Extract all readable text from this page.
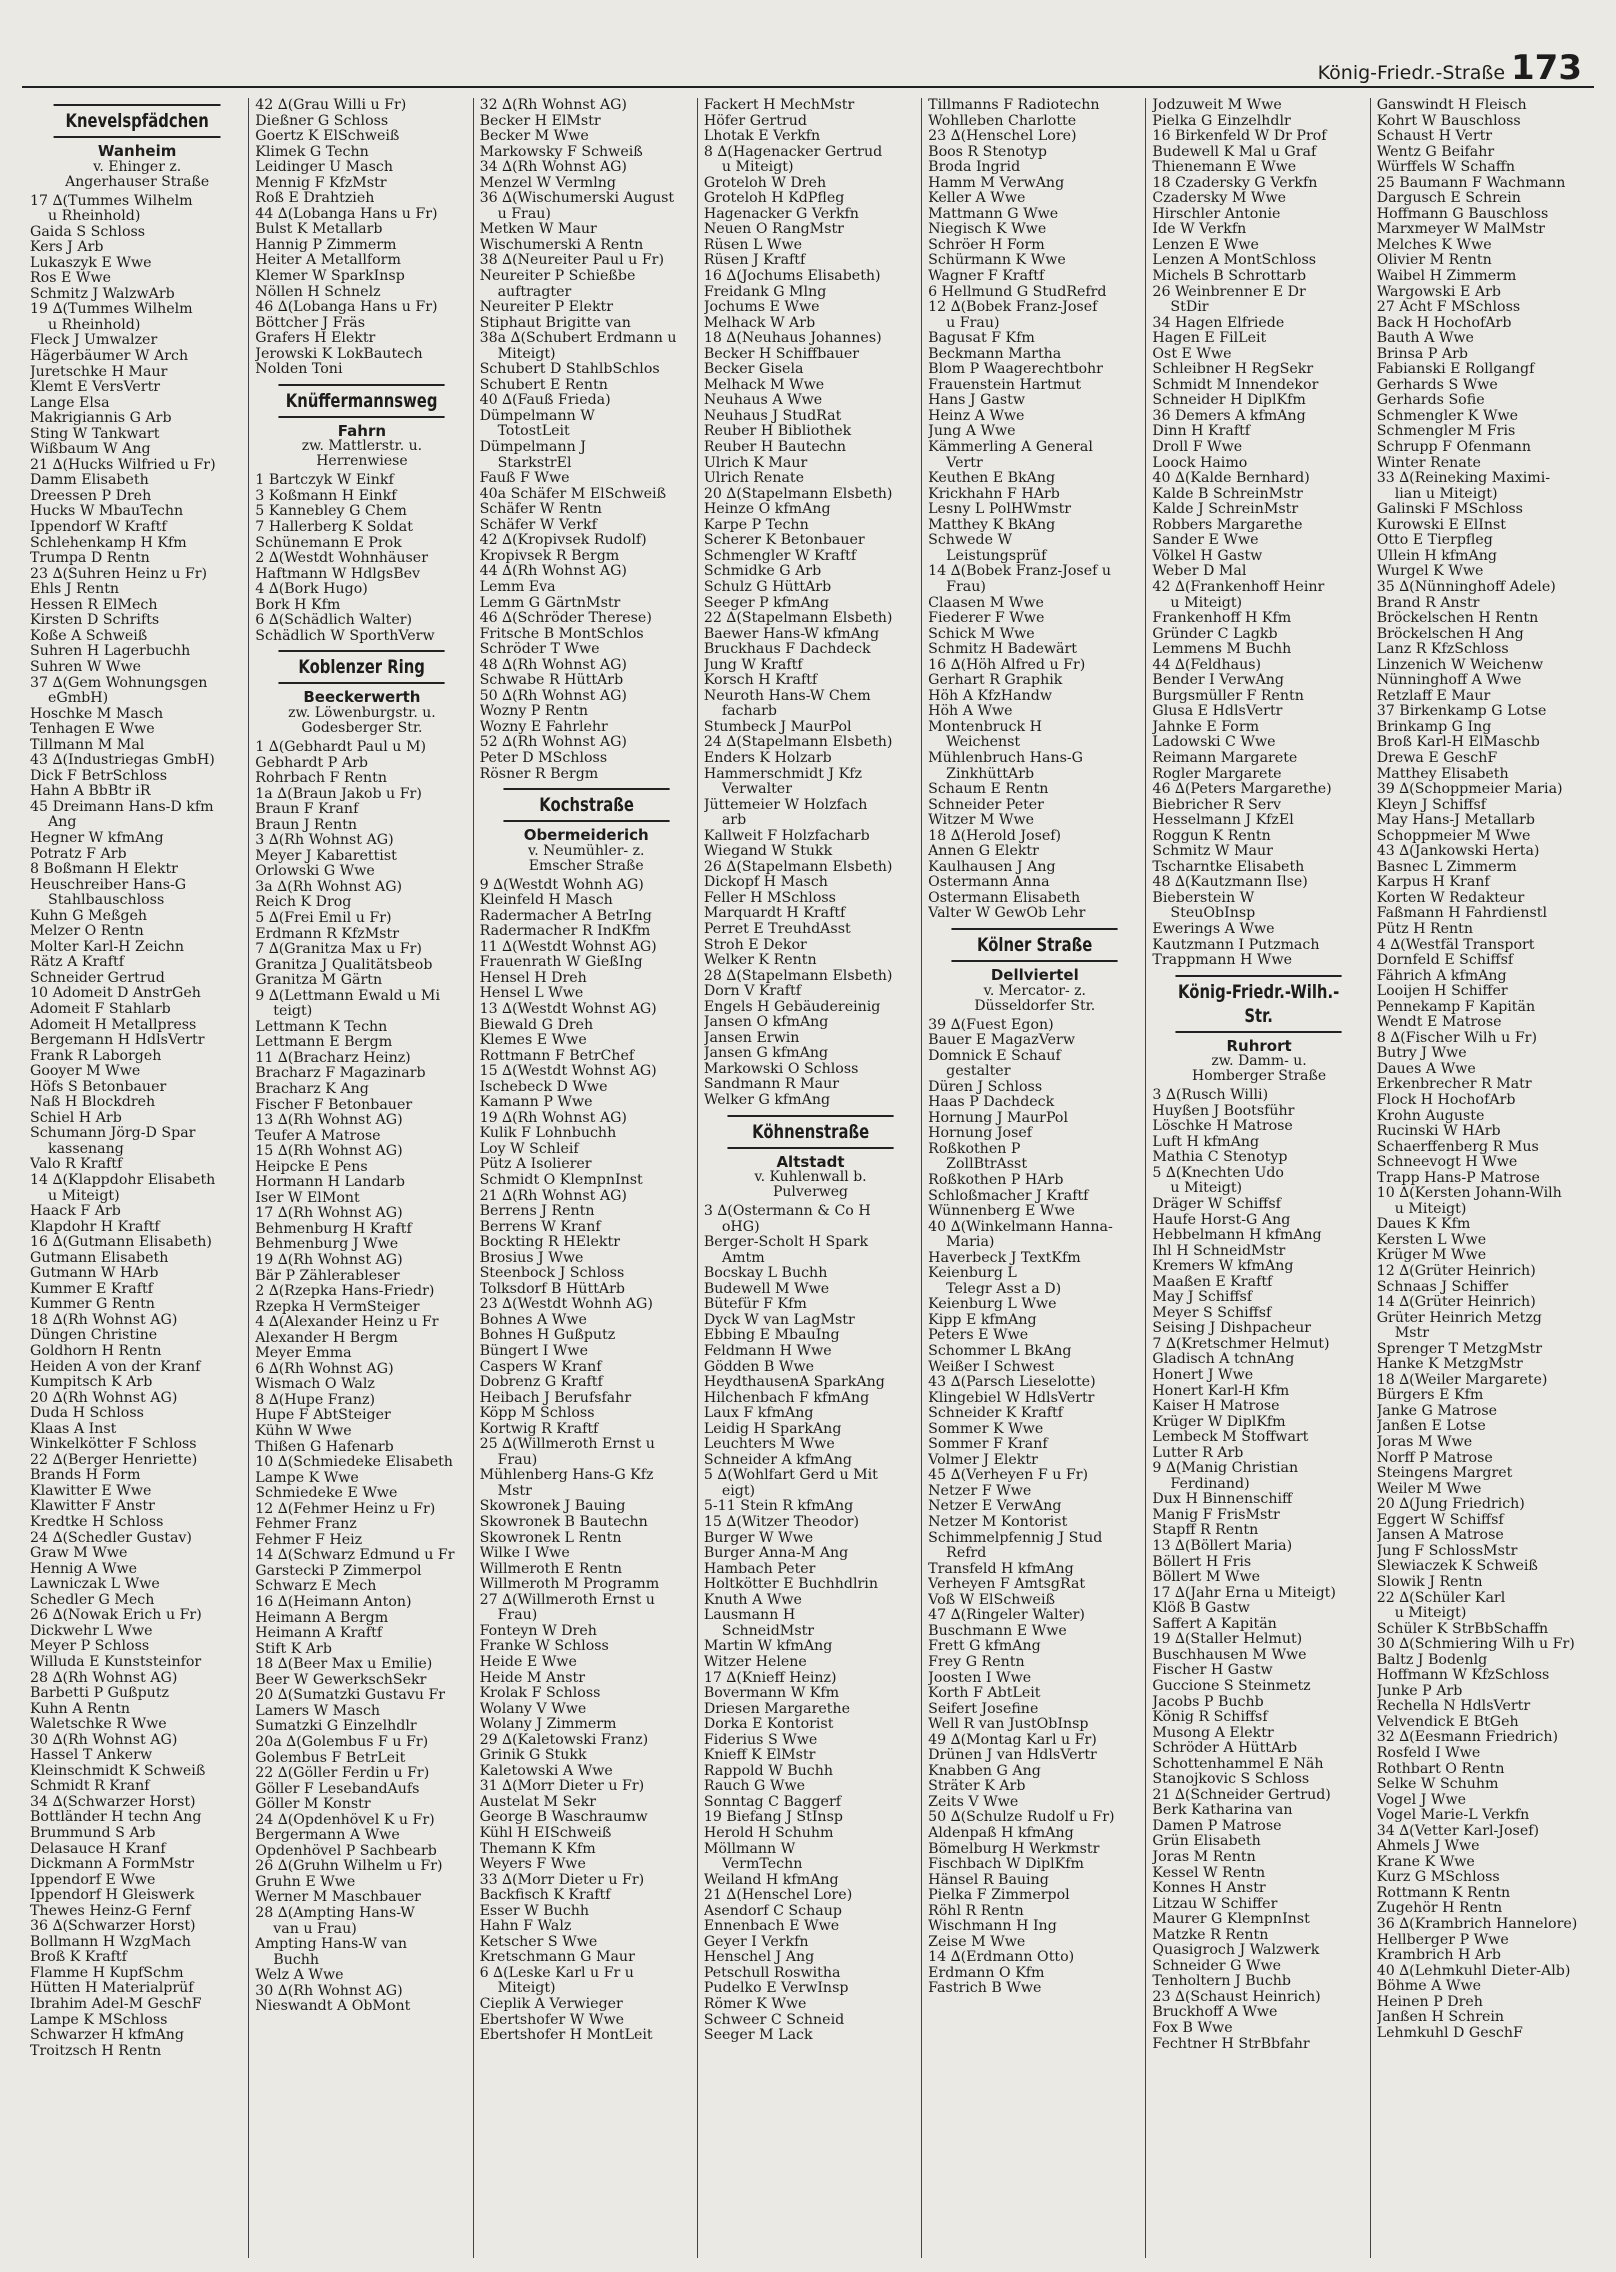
König-Friedr.-Straße 173
Knevelspfädchen
Wanheim
v. Ehinger z.
Angerhauser Straße
17 ∆(Tummes Wilhelm
u Rheinhold)
Gaida S Schloss
Kers J Arb
Lukaszyk E Wwe
Ros E Wwe
Schmitz J WalzwArb
19 ∆(Tummes Wilhelm
u Rheinhold)
Fleck J Umwalzer
Hägerbäumer W Arch
Juretschke H Maur
Klemt E VersVertr
Lange Elsa
Makrigiannis G Arb
Sting W Tankwart
Wißbaum W Ang
21 ∆(Hucks Wilfried u Fr)
Damm Elisabeth
Dreessen P Dreh
Hucks W MbauTechn
Ippendorf W Kraftf
Schlehenkamp H Kfm
Trumpa D Rentn
23 ∆(Suhren Heinz u Fr)
Ehls J Rentn
Hessen R ElMech
Kirsten D Schrifts
Koße A Schweiß
Suhren H Lagerbuchh
Suhren W Wwe
37 ∆(Gem Wohnungsgen
eGmbH)
Hoschke M Masch
Tenhagen E Wwe
Tillmann M Mal
43 ∆(Industriegas GmbH)
Dick F BetrSchloss
Hahn A BbBtr iR
45 Dreimann Hans-D kfm
Ang
Hegner W kfmAng
Potratz F Arb
8 Boßmann H Elektr
Heuschreiber Hans-G
Stahlbauschloss
Kuhn G Meßgeh
Melzer O Rentn
Molter Karl-H Zeichn
Rätz A Kraftf
Schneider Gertrud
10 Adomeit D AnstrGeh
Adomeit F Stahlarb
Adomeit H Metallpress
Bergemann H HdlsVertr
Frank R Laborgeh
Gooyer M Wwe
Höfs S Betonbauer
Naß H Blockdreh
Schiel H Arb
Schumann Jörg-D Spar
kassenang
Valo R Kraftf
14 ∆(Klappdohr Elisabeth
u Miteigt)
Haack F Arb
Klapdohr H Kraftf
16 ∆(Gutmann Elisabeth)
Gutmann Elisabeth
Gutmann W HArb
Kummer E Kraftf
Kummer G Rentn
18 ∆(Rh Wohnst AG)
Düngen Christine
Goldhorn H Rentn
Heiden A von der Kranf
Kumpitsch K Arb
20 ∆(Rh Wohnst AG)
Duda H Schloss
Klaas A Inst
Winkelkötter F Schloss
22 ∆(Berger Henriette)
Brands H Form
Klawitter E Wwe
Klawitter F Anstr
Kredtke H Schloss
24 ∆(Schedler Gustav)
Graw M Wwe
Hennig A Wwe
Lawniczak L Wwe
Schedler G Mech
26 ∆(Nowak Erich u Fr)
Dickwehr L Wwe
Meyer P Schloss
Willuda E Kunststeinfor
28 ∆(Rh Wohnst AG)
Barbetti P Gußputz
Kuhn A Rentn
Waletschke R Wwe
30 ∆(Rh Wohnst AG)
Hassel T Ankerw
Kleinschmidt K Schweiß
Schmidt R Kranf
34 ∆(Schwarzer Horst)
Bottländer H techn Ang
Brummund S Arb
Delasauce H Kranf
Dickmann A FormMstr
Ippendorf E Wwe
Ippendorf H Gleiswerk
Thewes Heinz-G Fernf
36 ∆(Schwarzer Horst)
Bollmann H WzgMach
Broß K Kraftf
Flamme H KupfSchm
Hütten H Materialprüf
Ibrahim Adel-M GeschF
Lampe K MSchloss
Schwarzer H kfmAng
Troitzsch H Rentn
42 ∆(Grau Willi u Fr)
Dießner G Schloss
Goertz K ElSchweiß
Klimek G Techn
Leidinger U Masch
Mennig F KfzMstr
Roß E Drahtzieh
44 ∆(Lobanga Hans u Fr)
Bulst K Metallarb
Hannig P Zimmerm
Heiter A Metallform
Klemer W SparkInsp
Nöllen H Schnelz
46 ∆(Lobanga Hans u Fr)
Böttcher J Fräs
Grafers H Elektr
Jerowski K LokBautech
Nolden Toni
Knüffermannsweg
Fahrn
zw. Mattlerstr. u.
Herrenwiese
1 Bartczyk W Einkf
3 Koßmann H Einkf
5 Kannebley G Chem
7 Hallerberg K Soldat
Schünemann E Prok
2 ∆(Westdt Wohnhäuser
Haftmann W HdlgsBev
4 ∆(Bork Hugo)
Bork H Kfm
6 ∆(Schädlich Walter)
Schädlich W SporthVerw
Koblenzer Ring
Beeckerwerth
zw. Löwenburgstr. u.
Godesberger Str.
1 ∆(Gebhardt Paul u M)
Gebhardt P Arb
Rohrbach F Rentn
1a ∆(Braun Jakob u Fr)
Braun F Kranf
Braun J Rentn
3 ∆(Rh Wohnst AG)
Meyer J Kabarettist
Orlowski G Wwe
3a ∆(Rh Wohnst AG)
Reich K Drog
5 ∆(Frei Emil u Fr)
Erdmann R KfzMstr
7 ∆(Granitza Max u Fr)
Granitza J Qualitätsbeob
Granitza M Gärtn
9 ∆(Lettmann Ewald u Mi
teigt)
Lettmann K Techn
Lettmann E Bergm
11 ∆(Bracharz Heinz)
Bracharz F Magazinarb
Bracharz K Ang
Fischer F Betonbauer
13 ∆(Rh Wohnst AG)
Teufer A Matrose
15 ∆(Rh Wohnst AG)
Heipcke E Pens
Hormann H Landarb
Iser W ElMont
17 ∆(Rh Wohnst AG)
Behmenburg H Kraftf
Behmenburg J Wwe
19 ∆(Rh Wohnst AG)
Bär P Zählerableser
2 ∆(Rzepka Hans-Friedr)
Rzepka H VermSteiger
4 ∆(Alexander Heinz u Fr
Alexander H Bergm
Meyer Emma
6 ∆(Rh Wohnst AG)
Wismach O Walz
8 ∆(Hupe Franz)
Hupe F AbtSteiger
Kühn W Wwe
Thißen G Hafenarb
10 ∆(Schmiedeke Elisabeth
Lampe K Wwe
Schmiedeke E Wwe
12 ∆(Fehmer Heinz u Fr)
Fehmer Franz
Fehmer F Heiz
14 ∆(Schwarz Edmund u Fr
Garstecki P Zimmerpol
Schwarz E Mech
16 ∆(Heimann Anton)
Heimann A Bergm
Heimann A Kraftf
Stift K Arb
18 ∆(Beer Max u Emilie)
Beer W GewerkschSekr
20 ∆(Sumatzki Gustavu Fr
Lamers W Masch
Sumatzki G Einzelhdlr
20a ∆(Golembus F u Fr)
Golembus F BetrLeit
22 ∆(Göller Ferdin u Fr)
Göller F LesebandAufs
Göller M Konstr
24 ∆(Opdenhövel K u Fr)
Bergermann A Wwe
Opdenhövel P Sachbearb
26 ∆(Gruhn Wilhelm u Fr)
Gruhn E Wwe
Werner M Maschbauer
28 ∆(Ampting Hans-W
van u Frau)
Ampting Hans-W van
Buchh
Welz A Wwe
30 ∆(Rh Wohnst AG)
Nieswandt A ObMont
32 ∆(Rh Wohnst AG)
Becker H ElMstr
Becker M Wwe
Markowsky F Schweiß
34 ∆(Rh Wohnst AG)
Menzel W Vermlng
36 ∆(Wischumerski August
u Frau)
Metken W Maur
Wischumerski A Rentn
38 ∆(Neureiter Paul u Fr)
Neureiter P Schießbe
auftragter
Neureiter P Elektr
Stiphaut Brigitte van
38a ∆(Schubert Erdmann u
Miteigt)
Schubert D StahlbSchlos
Schubert E Rentn
40 ∆(Fauß Frieda)
Dümpelmann W
TotostLeit
Dümpelmann J
StarkstrEl
Fauß F Wwe
40a Schäfer M ElSchweiß
Schäfer W Rentn
Schäfer W Verkf
42 ∆(Kropivsek Rudolf)
Kropivsek R Bergm
44 ∆(Rh Wohnst AG)
Lemm Eva
Lemm G GärtnMstr
46 ∆(Schröder Therese)
Fritsche B MontSchlos
Schröder T Wwe
48 ∆(Rh Wohnst AG)
Schwabe R HüttArb
50 ∆(Rh Wohnst AG)
Wozny P Rentn
Wozny E Fahrlehr
52 ∆(Rh Wohnst AG)
Peter D MSchloss
Rösner R Bergm
Kochstraße
Obermeiderich
v. Neumühler- z.
Emscher Straße
9 ∆(Westdt Wohnh AG)
Kleinfeld H Masch
Radermacher A BetrIng
Radermacher R IndKfm
11 ∆(Westdt Wohnst AG)
Frauenrath W GießIng
Hensel H Dreh
Hensel L Wwe
13 ∆(Westdt Wohnst AG)
Biewald G Dreh
Klemes E Wwe
Rottmann F BetrChef
15 ∆(Westdt Wohnst AG)
Ischebeck D Wwe
Kamann P Wwe
19 ∆(Rh Wohnst AG)
Kulik F Lohnbuchh
Loy W Schleif
Pütz A Isolierer
Schmidt O KlempnInst
21 ∆(Rh Wohnst AG)
Berrens J Rentn
Berrens W Kranf
Bockting R HElektr
Brosius J Wwe
Steenbock J Schloss
Tolksdorf B HüttArb
23 ∆(Westdt Wohnh AG)
Bohnes A Wwe
Bohnes H Gußputz
Büngert I Wwe
Caspers W Kranf
Dobrenz G Kraftf
Heibach J Berufsfahr
Köpp M Schloss
Kortwig R Kraftf
25 ∆(Willmeroth Ernst u
Frau)
Mühlenberg Hans-G Kfz
Mstr
Skowronek J Bauing
Skowronek B Bautechn
Skowronek L Rentn
Wilke I Wwe
Willmeroth E Rentn
Willmeroth M Programm
27 ∆(Willmeroth Ernst u
Frau)
Fonteyn W Dreh
Franke W Schloss
Heide E Wwe
Heide M Anstr
Krolak F Schloss
Wolany V Wwe
Wolany J Zimmerm
29 ∆(Kaletowski Franz)
Grinik G Stukk
Kaletowski A Wwe
31 ∆(Morr Dieter u Fr)
Austelat M Sekr
George B Waschraumw
Kühl H EISchweiß
Themann K Kfm
Weyers F Wwe
33 ∆(Morr Dieter u Fr)
Backfisch K Kraftf
Esser W Buchh
Hahn F Walz
Ketscher S Wwe
Kretschmann G Maur
6 ∆(Leske Karl u Fr u
Miteigt)
Cieplik A Verwieger
Ebertshofer W Wwe
Ebertshofer H MontLeit
Fackert H MechMstr
Höfer Gertrud
Lhotak E Verkfn
8 ∆(Hagenacker Gertrud
u Miteigt)
Groteloh W Dreh
Groteloh H KdPfleg
Hagenacker G Verkfn
Neuen O RangMstr
Rüsen L Wwe
Rüsen J Kraftf
16 ∆(Jochums Elisabeth)
Freidank G Mlng
Jochums E Wwe
Melhack W Arb
18 ∆(Neuhaus Johannes)
Becker H Schiffbauer
Becker Gisela
Melhack M Wwe
Neuhaus A Wwe
Neuhaus J StudRat
Reuber H Bibliothek
Reuber H Bautechn
Ulrich K Maur
Ulrich Renate
20 ∆(Stapelmann Elsbeth)
Heinze O kfmAng
Karpe P Techn
Scherer K Betonbauer
Schmengler W Kraftf
Schmidke G Arb
Schulz G HüttArb
Seeger P kfmAng
22 ∆(Stapelmann Elsbeth)
Baewer Hans-W kfmAng
Bruckhaus F Dachdeck
Jung W Kraftf
Korsch H Kraftf
Neuroth Hans-W Chem
facharb
Stumbeck J MaurPol
24 ∆(Stapelmann Elsbeth)
Enders K Holzarb
Hammerschmidt J Kfz
Verwalter
Jüttemeier W Holzfach
arb
Kallweit F Holzfacharb
Wiegand W Stukk
26 ∆(Stapelmann Elsbeth)
Dickopf H Masch
Feller H MSchloss
Marquardt H Kraftf
Perret E TreuhdAsst
Stroh E Dekor
Welker K Rentn
28 ∆(Stapelmann Elsbeth)
Dorn V Kraftf
Engels H Gebäudereinig
Jansen O kfmAng
Jansen Erwin
Jansen G kfmAng
Markowski O Schloss
Sandmann R Maur
Welker G kfmAng
Köhnenstraße
Altstadt
v. Kuhlenwall b.
Pulverweg
3 ∆(Ostermann & Co H
oHG)
Berger-Scholt H Spark
Amtm
Bocskay L Buchh
Budewell M Wwe
Bütefür F Kfm
Dyck W van LagMstr
Ebbing E MbauIng
Feldmann H Wwe
Gödden B Wwe
HeydthausenA SparkAng
Hilchenbach F kfmAng
Laux F kfmAng
Leidig H SparkAng
Leuchters M Wwe
Schneider A kfmAng
5 ∆(Wohlfart Gerd u Mit
eigt)
5-11 Stein R kfmAng
15 ∆(Witzer Theodor)
Burger W Wwe
Burger Anna-M Ang
Hambach Peter
Holtkötter E Buchhdlrin
Knuth A Wwe
Lausmann H
SchneidMstr
Martin W kfmAng
Witzer Helene
17 ∆(Knieff Heinz)
Bovermann W Kfm
Driesen Margarethe
Dorka E Kontorist
Fiderius S Wwe
Knieff K ElMstr
Rappold W Buchh
Rauch G Wwe
Sonntag C Baggerf
19 Biefang J StInsp
Herold H Schuhm
Möllmann W
VermTechn
Weiland H kfmAng
21 ∆(Henschel Lore)
Asendorf C Schaup
Ennenbach E Wwe
Geyer I Verkfn
Henschel J Ang
Petschull Roswitha
Pudelko E VerwInsp
Römer K Wwe
Schweer C Schneid
Seeger M Lack
Tillmanns F Radiotechn
Wohlleben Charlotte
23 ∆(Henschel Lore)
Boos R Stenotyp
Broda Ingrid
Hamm M VerwAng
Keller A Wwe
Mattmann G Wwe
Niegisch K Wwe
Schröer H Form
Schürmann K Wwe
Wagner F Kraftf
6 Hellmund G StudRefrd
12 ∆(Bobek Franz-Josef
u Frau)
Bagusat F Kfm
Beckmann Martha
Blom P Waagerechtbohr
Frauenstein Hartmut
Hans J Gastw
Heinz A Wwe
Jung A Wwe
Kämmerling A General
Vertr
Keuthen E BkAng
Krickhahn F HArb
Lesny L PolHWmstr
Matthey K BkAng
Schwede W
Leistungsprüf
14 ∆(Bobek Franz-Josef u
Frau)
Claasen M Wwe
Fiederer F Wwe
Schick M Wwe
Schmitz H Badewärt
16 ∆(Höh Alfred u Fr)
Gerhart R Graphik
Höh A KfzHandw
Höh A Wwe
Montenbruck H
Weichenst
Mühlenbruch Hans-G
ZinkhüttArb
Schaum E Rentn
Schneider Peter
Witzer M Wwe
18 ∆(Herold Josef)
Annen G Elektr
Kaulhausen J Ang
Ostermann Anna
Ostermann Elisabeth
Valter W GewOb Lehr
Kölner Straße
Dellviertel
v. Mercator- z.
Düsseldorfer Str.
39 ∆(Fuest Egon)
Bauer E MagazVerw
Domnick E Schauf
gestalter
Düren J Schloss
Haas P Dachdeck
Hornung J MaurPol
Hornung Josef
Roßkothen P
ZollBtrAsst
Roßkothen P HArb
Schloßmacher J Kraftf
Wünnenberg E Wwe
40 ∆(Winkelmann Hanna-
Maria)
Haverbeck J TextKfm
Keienburg L
Telegr Asst a D)
Keienburg L Wwe
Kipp E kfmAng
Peters E Wwe
Schommer L BkAng
Weißer I Schwest
43 ∆(Parsch Lieselotte)
Klingebiel W HdlsVertr
Schneider K Kraftf
Sommer K Wwe
Sommer F Kranf
Volmer J Elektr
45 ∆(Verheyen F u Fr)
Netzer F Wwe
Netzer E VerwAng
Netzer M Kontorist
Schimmelpfennig J Stud
Refrd
Transfeld H kfmAng
Verheyen F AmtsgRat
Voß W ElSchweiß
47 ∆(Ringeler Walter)
Buschmann E Wwe
Frett G kfmAng
Frey G Rentn
Joosten I Wwe
Korth F AbtLeit
Seifert Josefine
Well R van JustObInsp
49 ∆(Montag Karl u Fr)
Drünen J van HdlsVertr
Knabben G Ang
Sträter K Arb
Zeits V Wwe
50 ∆(Schulze Rudolf u Fr)
Aldenpaß H kfmAng
Bömelburg H Werkmstr
Fischbach W DiplKfm
Hänsel R Bauing
Pielka F Zimmerpol
Röhl R Rentn
Wischmann H Ing
Zeise M Wwe
14 ∆(Erdmann Otto)
Erdmann O Kfm
Fastrich B Wwe
Jodzuweit M Wwe
Pielka G Einzelhdlr
16 Birkenfeld W Dr Prof
Budewell K Mal u Graf
Thienemann E Wwe
18 Czadersky G Verkfn
Czadersky M Wwe
Hirschler Antonie
Ide W Verkfn
Lenzen E Wwe
Lenzen A MontSchloss
Michels B Schrottarb
26 Weinbrenner E Dr
StDir
34 Hagen Elfriede
Hagen E FilLeit
Ost E Wwe
Schleibner H RegSekr
Schmidt M Innendekor
Schneider H DiplKfm
36 Demers A kfmAng
Dinn H Kraftf
Droll F Wwe
Loock Haimo
40 ∆(Kalde Bernhard)
Kalde B SchreinMstr
Kalde J SchreinMstr
Robbers Margarethe
Sander E Wwe
Völkel H Gastw
Weber D Mal
42 ∆(Frankenhoff Heinr
u Miteigt)
Frankenhoff H Kfm
Gründer C Lagkb
Lemmens M Buchh
44 ∆(Feldhaus)
Bender I VerwAng
Burgsmüller F Rentn
Glusa E HdlsVertr
Jahnke E Form
Ladowski C Wwe
Reimann Margarete
Rogler Margarete
46 ∆(Peters Margarethe)
Biebricher R Serv
Hesselmann J KfzEl
Roggun K Rentn
Schmitz W Maur
Tscharntke Elisabeth
48 ∆(Kautzmann Ilse)
Bieberstein W
SteuObInsp
Ewerings A Wwe
Kautzmann I Putzmach
Trappmann H Wwe
König-Friedr.-Wilh.-Str.
Ruhrort
zw. Damm- u.
Homberger Straße
3 ∆(Rusch Willi)
Huyßen J Bootsführ
Löschke H Matrose
Luft H kfmAng
Mathia C Stenotyp
5 ∆(Knechten Udo
u Miteigt)
Dräger W Schiffsf
Haufe Horst-G Ang
Hebbelmann H kfmAng
Ihl H SchneidMstr
Kremers W kfmAng
Maaßen E Kraftf
May J Schiffsf
Meyer S Schiffsf
Seising J Dishpacheur
7 ∆(Kretschmer Helmut)
Gladisch A tchnAng
Honert J Wwe
Honert Karl-H Kfm
Kaiser H Matrose
Krüger W DiplKfm
Lembeck M Stoffwart
Lutter R Arb
9 ∆(Manig Christian
Ferdinand)
Dux H Binnenschiff
Manig F FrisMstr
Stapff R Rentn
13 ∆(Böllert Maria)
Böllert H Fris
Böllert M Wwe
17 ∆(Jahr Erna u Miteigt)
Klöß B Gastw
Saffert A Kapitän
19 ∆(Staller Helmut)
Buschhausen M Wwe
Fischer H Gastw
Guccione S Steinmetz
Jacobs P Buchb
König R Schiffsf
Musong A Elektr
Schröder A HüttArb
Schottenhammel E Näh
Stanojkovic S Schloss
21 ∆(Schneider Gertrud)
Berk Katharina van
Damen P Matrose
Grün Elisabeth
Joras M Rentn
Kessel W Rentn
Konnes H Anstr
Litzau W Schiffer
Maurer G KlempnInst
Matzke R Rentn
Quasigroch J Walzwerk
Schneider G Wwe
Tenholtern J Buchb
23 ∆(Schaust Heinrich)
Bruckhoff A Wwe
Fox B Wwe
Fechtner H StrBbfahr
Ganswindt H Fleisch
Kohrt W Bauschloss
Schaust H Vertr
Wentz G Beifahr
Würffels W Schaffn
25 Baumann F Wachmann
Dargusch E Schrein
Hoffmann G Bauschloss
Marxmeyer W MalMstr
Melches K Wwe
Olivier M Rentn
Waibel H Zimmerm
Wargowski E Arb
27 Acht F MSchloss
Back H HochofArb
Bauth A Wwe
Brinsa P Arb
Fabianski E Rollgangf
Gerhards S Wwe
Gerhards Sofie
Schmengler K Wwe
Schmengler M Fris
Schrupp F Ofenmann
Winter Renate
33 ∆(Reineking Maximi-
lian u Miteigt)
Galinski F MSchloss
Kurowski E ElInst
Otto E Tierpfleg
Ullein H kfmAng
Wurgel K Wwe
35 ∆(Nünninghoff Adele)
Brand R Anstr
Bröckelschen H Rentn
Bröckelschen H Ang
Lanz R KfzSchloss
Linzenich W Weichenw
Nünninghoff A Wwe
Retzlaff E Maur
37 Birkenkamp G Lotse
Brinkamp G Ing
Broß Karl-H ElMaschb
Drewa E GeschF
Matthey Elisabeth
39 ∆(Schoppmeier Maria)
Kleyn J Schiffsf
May Hans-J Metallarb
Schoppmeier M Wwe
43 ∆(Jankowski Herta)
Basnec L Zimmerm
Karpus H Kranf
Korten W Redakteur
Faßmann H Fahrdienstl
Pütz H Rentn
4 ∆(Westfäl Transport
Dornfeld E Schiffsf
Fährich A kfmAng
Looijen H Schiffer
Pennekamp F Kapitän
Wendt E Matrose
8 ∆(Fischer Wilh u Fr)
Butry J Wwe
Daues A Wwe
Erkenbrecher R Matr
Flock H HochofArb
Krohn Auguste
Rucinski W HArb
Schaerffenberg R Mus
Schneevogt H Wwe
Trapp Hans-P Matrose
10 ∆(Kersten Johann-Wilh
u Miteigt)
Daues K Kfm
Kersten L Wwe
Krüger M Wwe
12 ∆(Grüter Heinrich)
Schnaas J Schiffer
14 ∆(Grüter Heinrich)
Grüter Heinrich Metzg
Mstr
Sprenger T MetzgMstr
Hanke K MetzgMstr
18 ∆(Weiler Margarete)
Bürgers E Kfm
Janke G Matrose
Janßen E Lotse
Joras M Wwe
Norff P Matrose
Steingens Margret
Weiler M Wwe
20 ∆(Jung Friedrich)
Eggert W Schiffsf
Jansen A Matrose
Jung F SchlossMstr
Slewiaczek K Schweiß
Slowik J Rentn
22 ∆(Schüler Karl
u Miteigt)
Schüler K StrBbSchaffn
30 ∆(Schmiering Wilh u Fr)
Baltz J Bodenlg
Hoffmann W KfzSchloss
Junke P Arb
Rechella N HdlsVertr
Velvendick E BtGeh
32 ∆(Eesmann Friedrich)
Rosfeld I Wwe
Rothbart O Rentn
Selke W Schuhm
Vogel J Wwe
Vogel Marie-L Verkfn
34 ∆(Vetter Karl-Josef)
Ahmels J Wwe
Krane K Wwe
Kurz G MSchloss
Rottmann K Rentn
Zugehör H Rentn
36 ∆(Krambrich Hannelore)
Hellberger P Wwe
Krambrich H Arb
40 ∆(Lehmkuhl Dieter-Alb)
Böhme A Wwe
Heinen P Dreh
Janßen H Schrein
Lehmkuhl D GeschF
